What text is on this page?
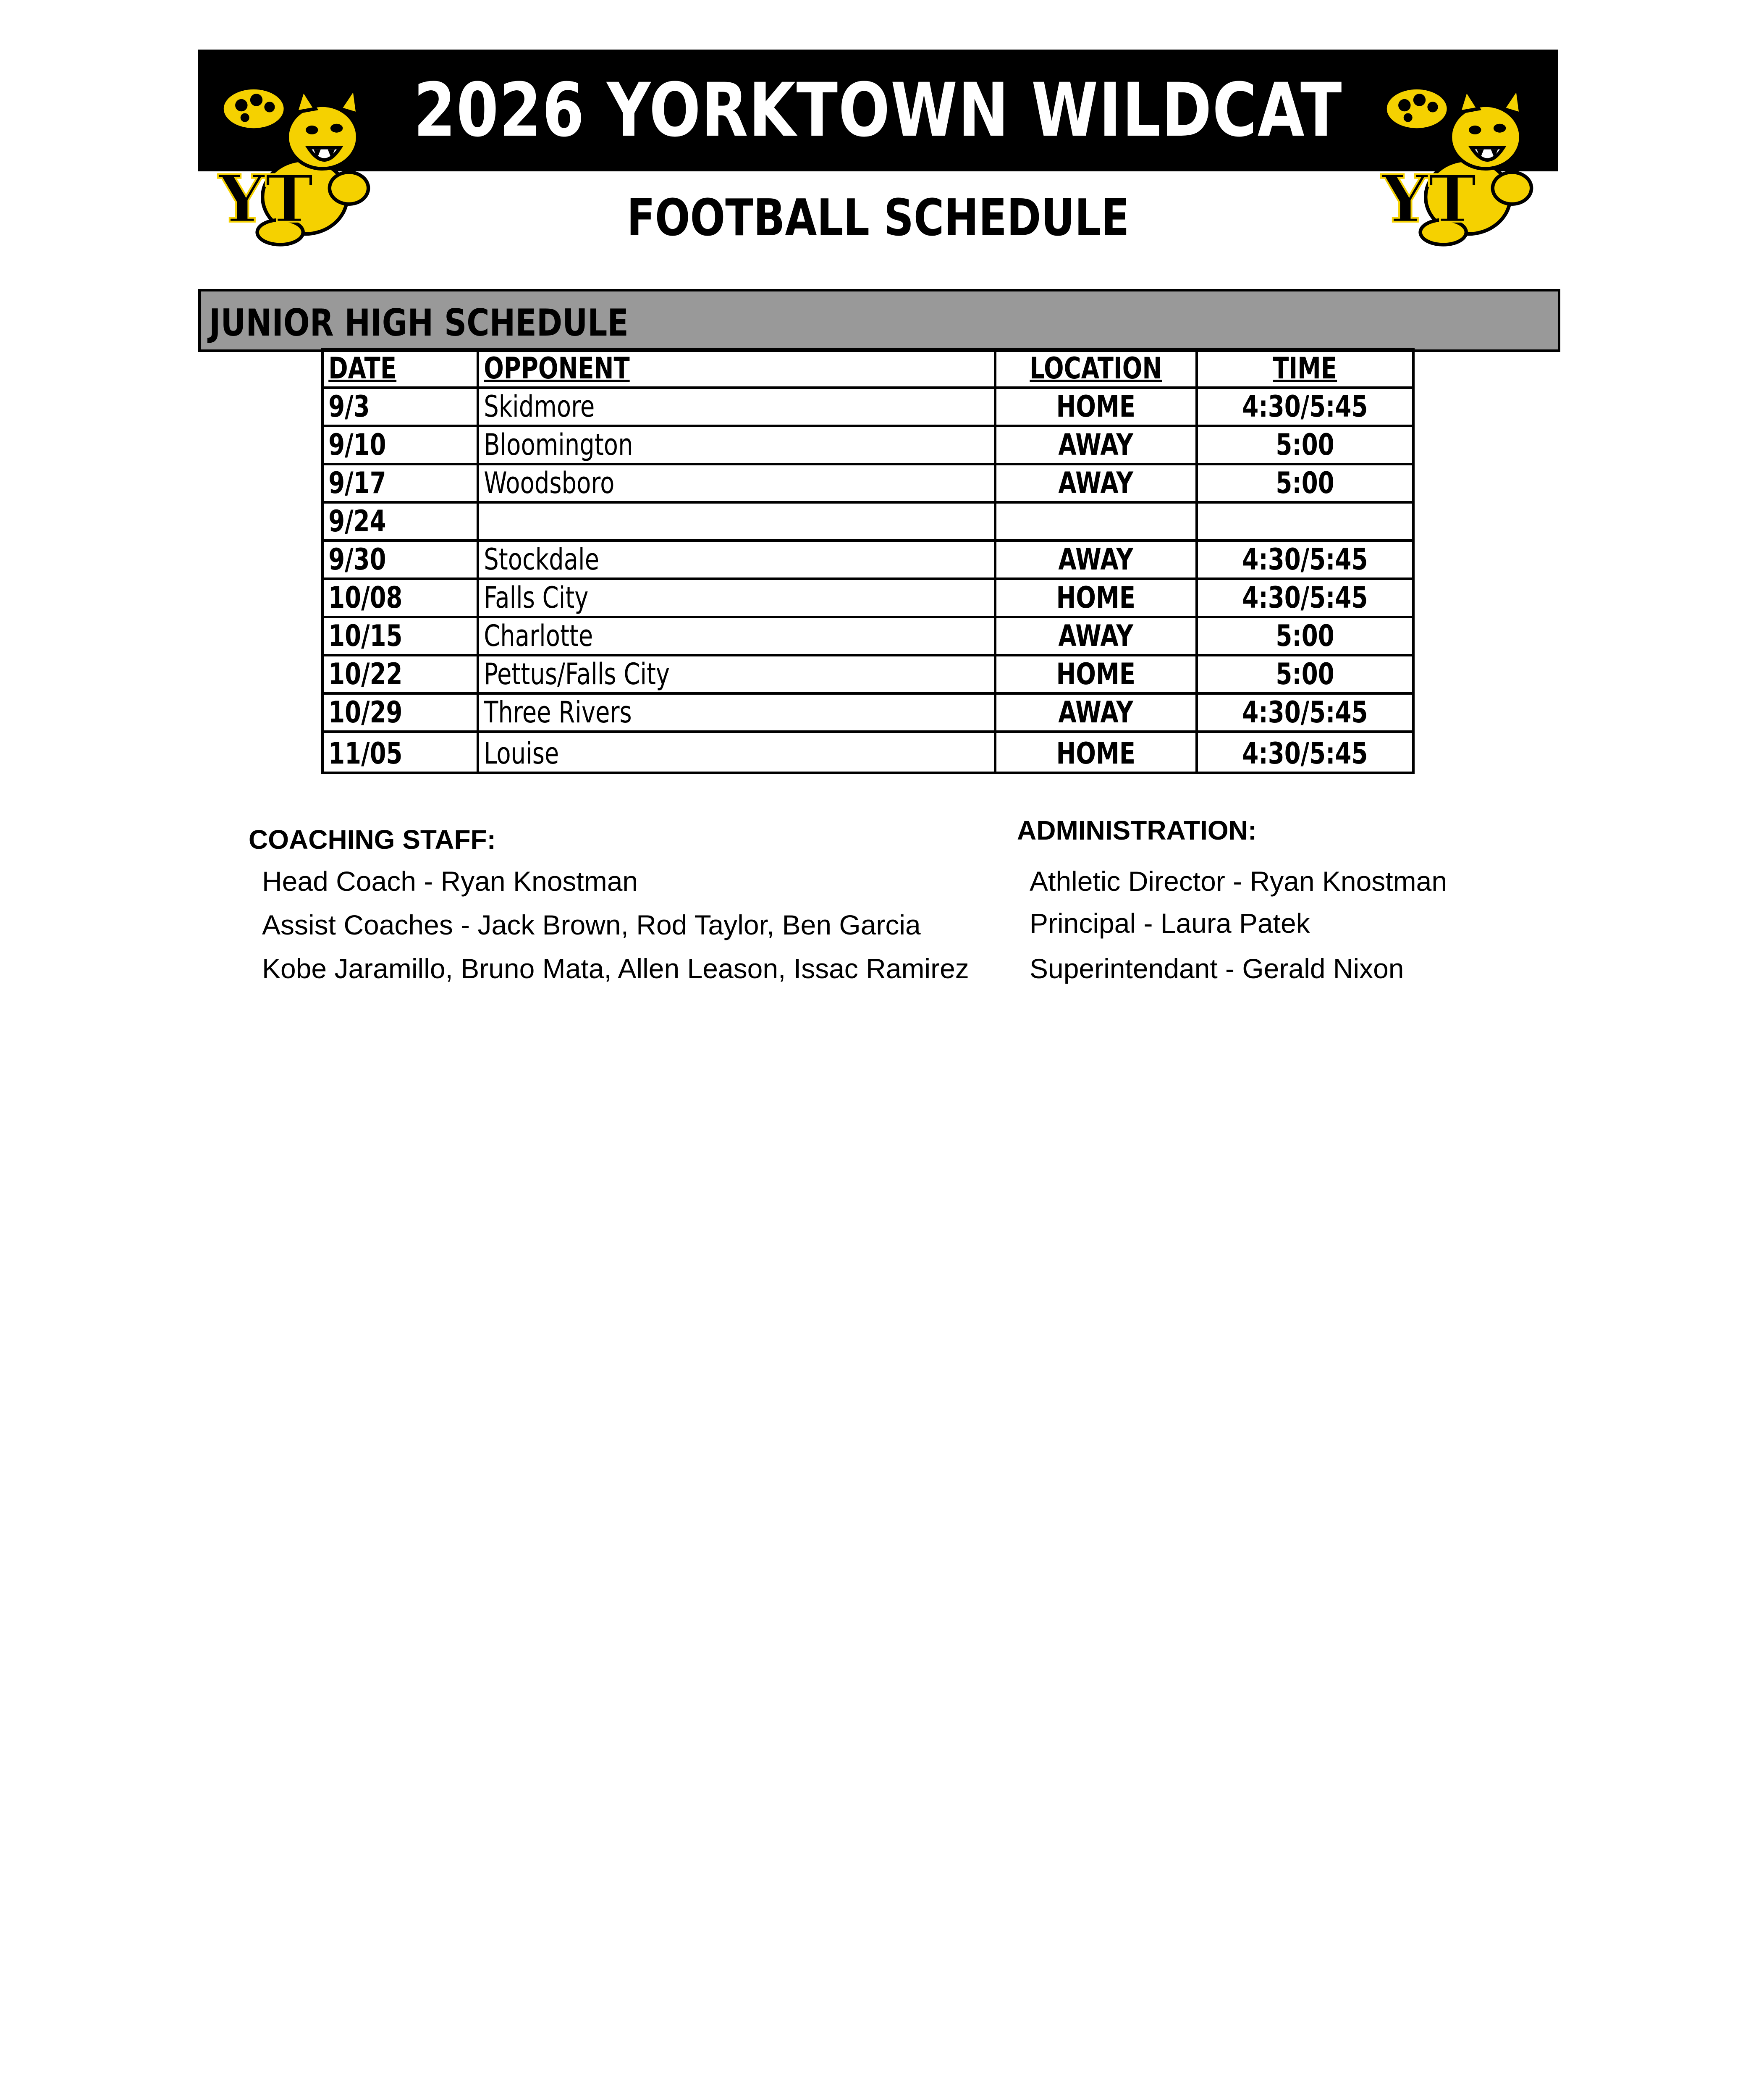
2026 YORKTOWN WILDCAT
FOOTBALL SCHEDULE
YT	YT
JUNIOR HIGH SCHEDULE
DATE	OPPONENT	LOCATION	TIME
9/3	Skidmore	HOME	4:30/5:45
9/10	Bloomington	AWAY	5:00
9/17	Woodsboro	AWAY	5:00
9/24			
9/30	Stockdale	AWAY	4:30/5:45
10/08	Falls City	HOME	4:30/5:45
10/15	Charlotte	AWAY	5:00
10/22	Pettus/Falls City	HOME	5:00
10/29	Three Rivers	AWAY	4:30/5:45
11/05	Louise	HOME	4:30/5:45

COACHING STAFF:

Head Coach - Ryan Knostman

Assist Coaches - Jack Brown, Rod Taylor, Ben Garcia

Kobe Jaramillo, Bruno Mata, Allen Leason, Issac Ramirez

ADMINISTRATION:

Athletic Director - Ryan Knostman

Principal - Laura Patek

Superintendant - Gerald Nixon
